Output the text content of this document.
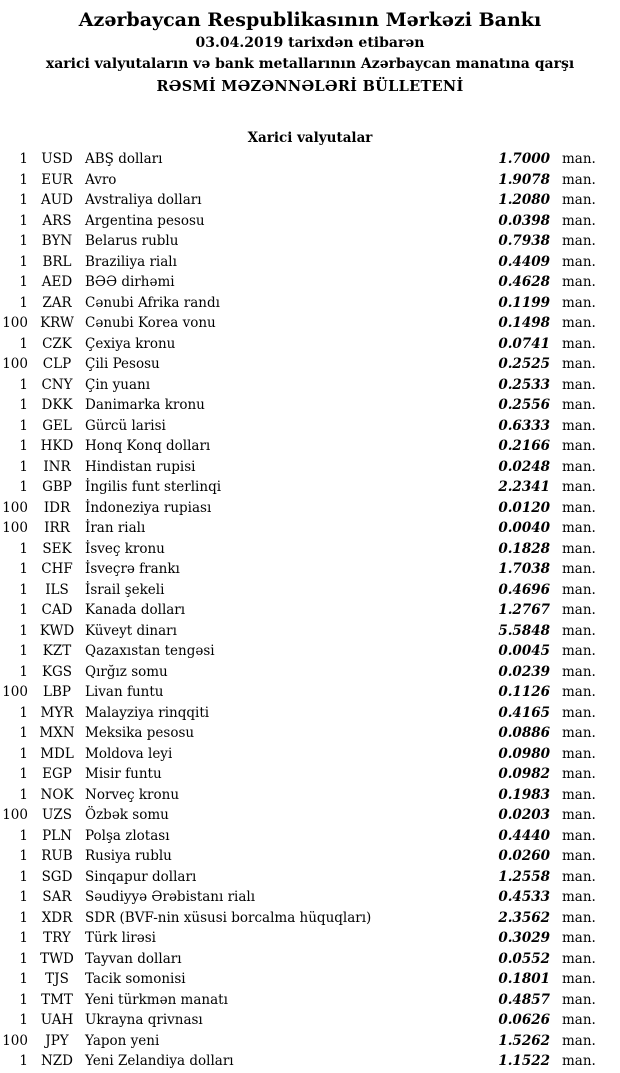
Azərbaycan Respublikasının Mərkəzi Bankı
03.04.2019 tarixdən etibarən
xarici valyutaların və bank metallarının Azərbaycan manatına qarşı
RƏSMİ MƏZƏNNƏLƏRİ BÜLLETENİ
Xarici valyutalar
1 USD ABŞ dolları	1.7000 man.
1 EUR Avro	1.9078 man.
1 AUD Avstraliya dolları	1.2080 man.
1	ARS Argentina pesosu	0.0398 man.
1	BYN Belarus rublu	0.7938 man.
1	BRL Braziliya rialı	0.4409 man.
1	AED BƏƏ dirhəmi	0.4628 man.
1	ZAR Cənubi Afrika randı	0.1199 man.
100 KRW Cənubi Korea vonu	0.1498 man.
1	CZK Çexiya kronu	0.0741 man.
100	CLP	Çili Pesosu	0.2525 man.
1 CNY Çin yuanı	0.2533 man.
1	DKK Danimarka kronu	0.2556 man.
1	GEL Gürcü larisi	0.6333 man.
1 HKD Honq Konq dolları	0.2166 man.
1	INR	Hindistan rupisi	0.0248 man.
1	GBP İngilis funt sterlinqi	2.2341 man.
100	IDR	İndoneziya rupiası	0.0120 man.
100	IRR	İran rialı	0.0040 man.
1	SEK İsveç kronu	0.1828 man.
1 CHF İsveçrə frankı	1.7038 man.
1	ILS	İsrail şekeli	0.4696 man.
1	CAD Kanada dolları	1.2767 man.
1 KWD Küveyt dinarı	5.5848 man.
1	KZT	Qazaxıstan tengəsi	0.0045 man.
1	KGS Qırğız somu	0.0239 man.
100	LBP	Livan funtu	0.1126 man.
1 MYR Malayziya rinqqiti	0.4165 man.
1 MXN Meksika pesosu	0.0886 man.
1 MDL Moldova leyi	0.0980 man.
1	EGP Misir funtu	0.0982 man.
1 NOK Norveç kronu	0.1983 man.
100	UZS Özbək somu	0.0203 man.
1	PLN Polşa zlotası	0.4440 man.
1 RUB Rusiya rublu	0.0260 man.
1	SGD Sinqapur dolları	1.2558 man.
1	SAR Səudiyyə Ərəbistanı rialı	0.4533 man.
1	XDR SDR (BVF-nin xüsusi borcalma hüquqları)	2.3562 man.
1	TRY	Türk lirəsi	0.3029 man.
1 TWD Tayvan dolları	0.0552 man.
1	TJS	Tacik somonisi	0.1801 man.
1 TMT Yeni türkmən manatı	0.4857 man.
1 UAH Ukrayna qrivnası	0.0626 man.
100	JPY	Yapon yeni	1.5262 man.
1 NZD Yeni Zelandiya dolları	1.1522 man.
